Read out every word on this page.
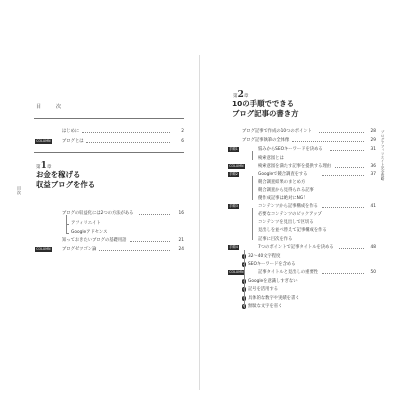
目　次
はじめに	2
COLUMN	ブログとは	6
目次
第1章
お金を稼げる
収益ブログを作る
ブログの収益化には2つの方法がある	16
アフィリエイト
Googleアドセンス
知っておきたいブログの基礎用語	21
COLUMN	ブログゼツゴン論	24
ブログアフィリエイト完全攻略
第2章
10の手順でできる
ブログ記事の書き方
ブログ記事で作成の10つのポイント	28
ブログ記事執筆の全体像	29
手順1	悩みからSEOキーワードを決める	31
検索意図とは
COLUMN	検索意図を満たす記事を提供する理由	36
手順2	Googleで競合調査をする	37
競合調査結果のまとめ方
競合調査から見得られる記事
優作成記事は絶対にNG！
手順3	コンテンツから記事構成を作る	41
必要なコンテンツのピックアップ
コンテンツを見出しで区切る
見出しを並べ替えて記事構成を作る
記事に目次を作る
手順4	7つのポイントで記事タイトルを決める	48
1 32～40文字程度
2 SEOキーワードを含める
COLUMN	記事タイトルと見出しの重要性	50
3 Googleを意識しすぎない
4 記号を活用する
5 具体的な数字や実績を書く
6 無駄な文字を省く
